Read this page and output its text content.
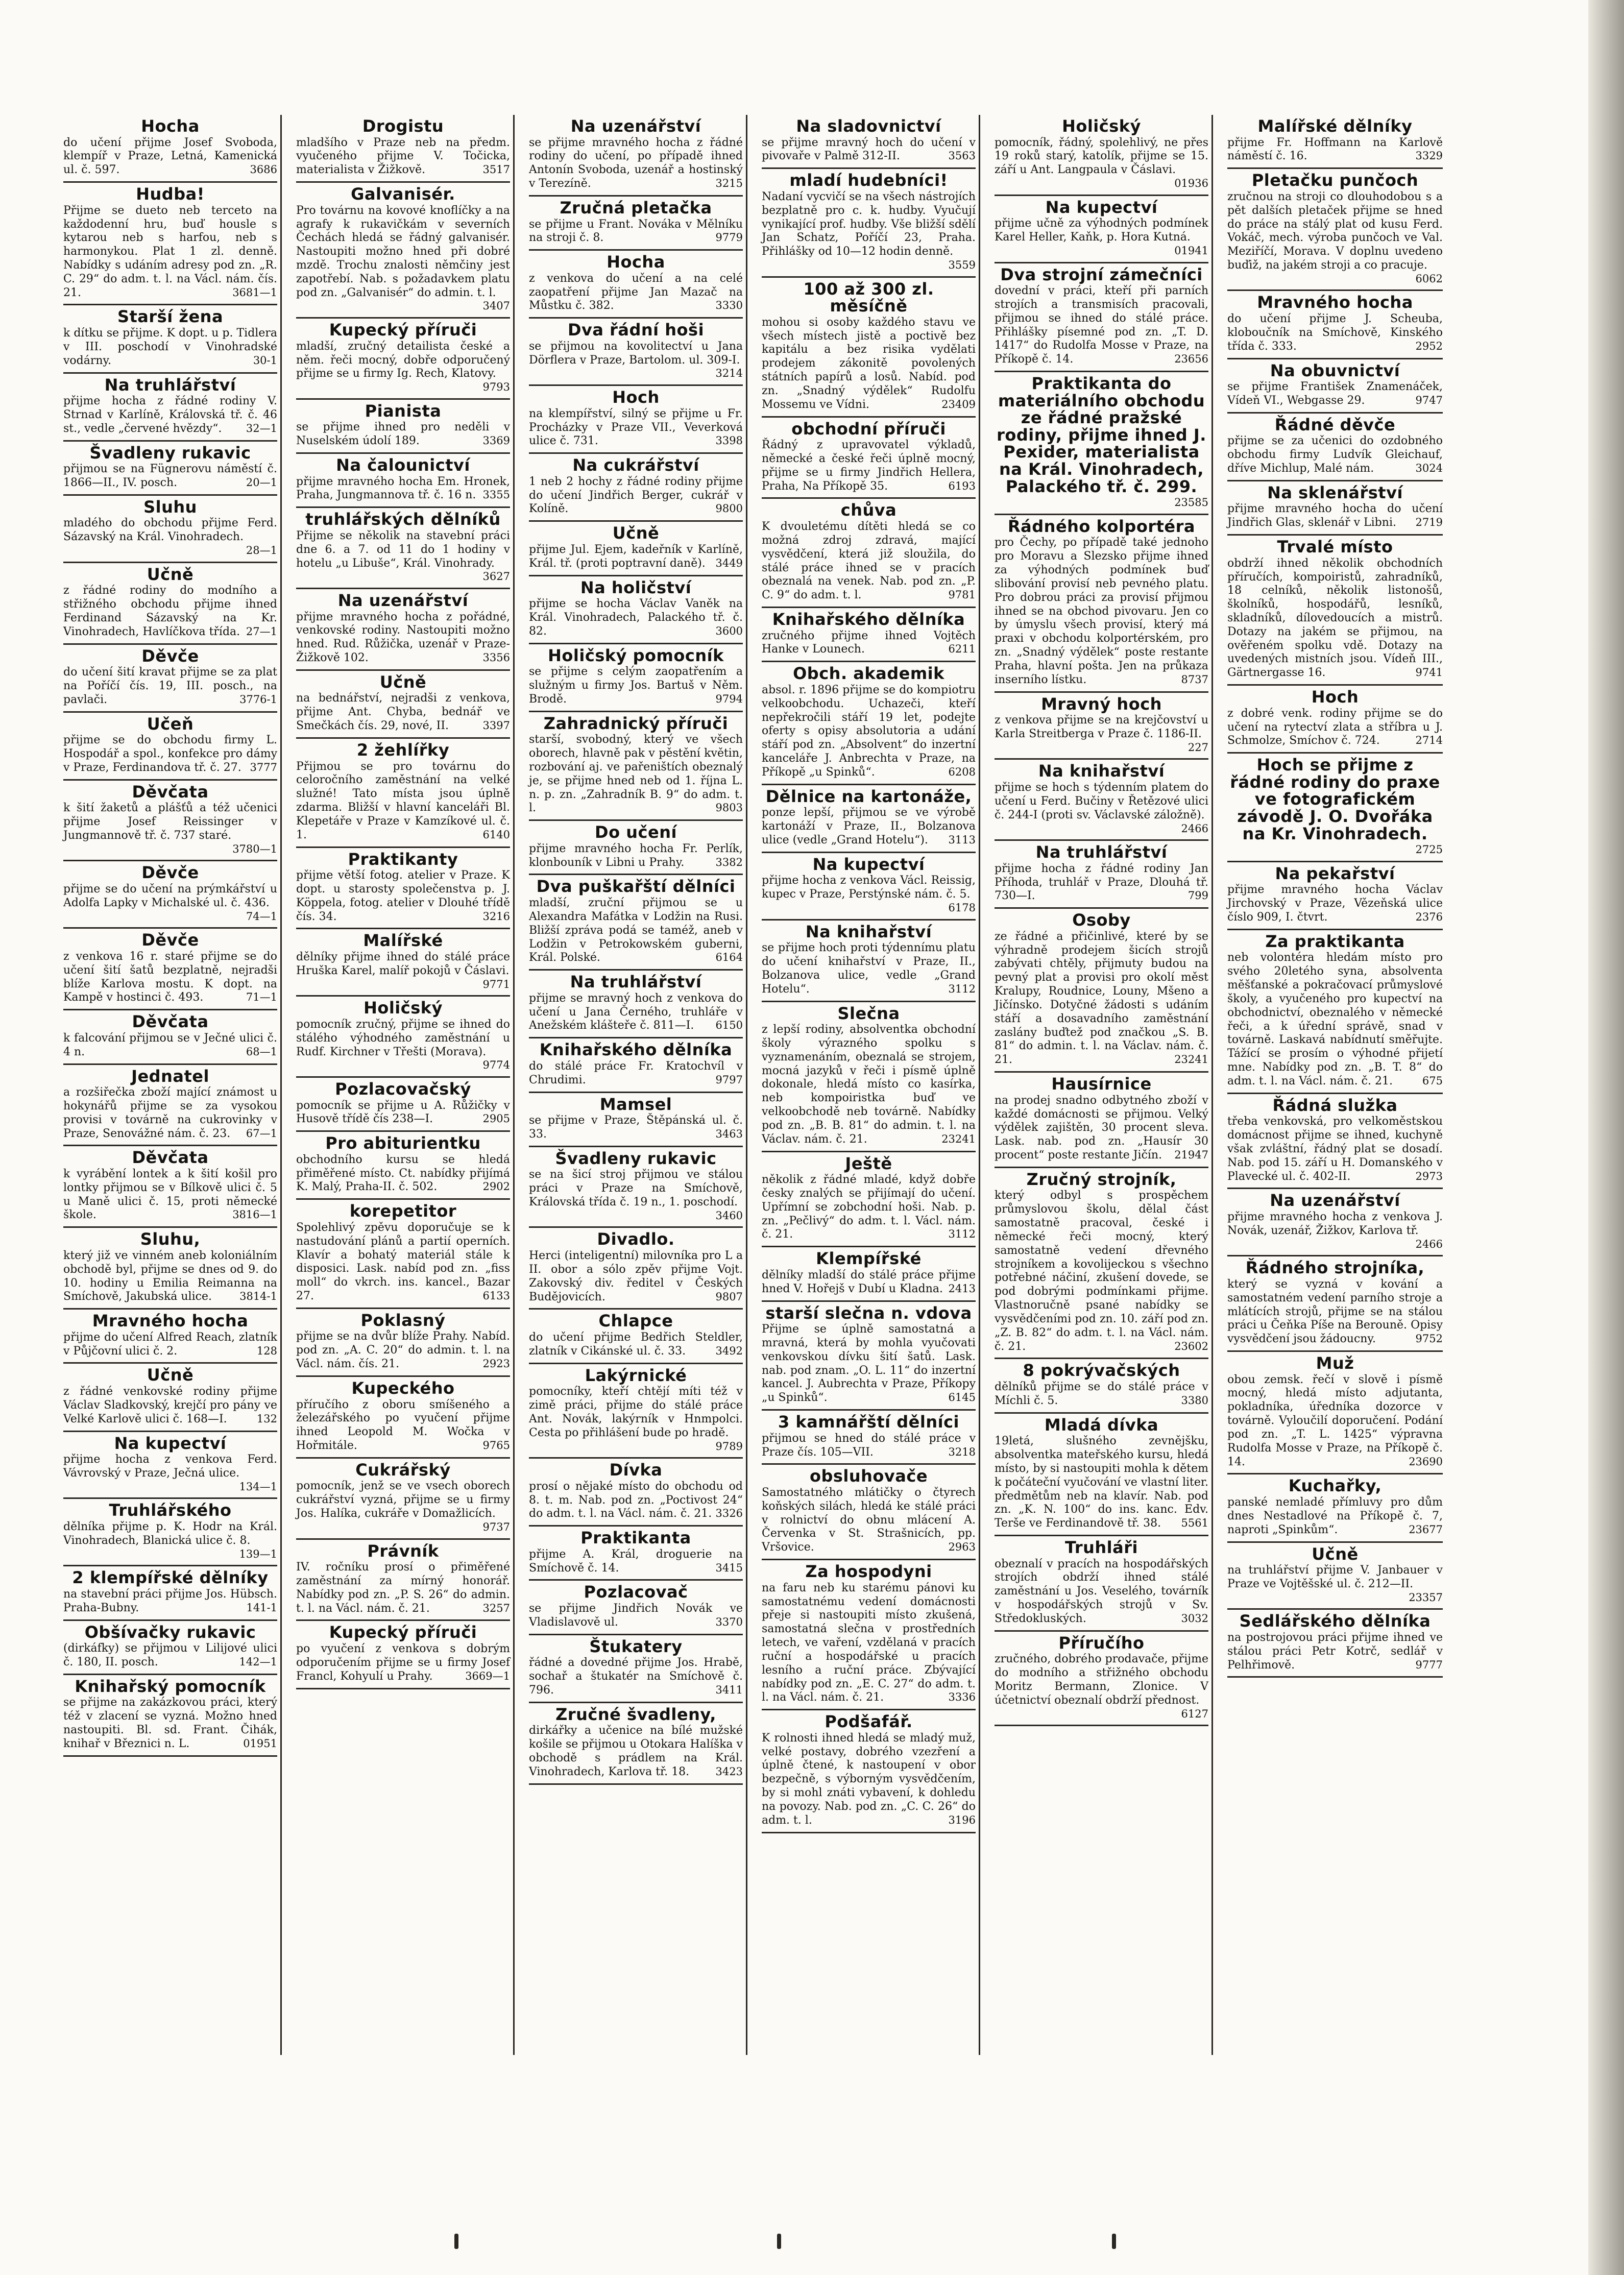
Hocha

do učení přijme Josef Svoboda, klempíř v Praze, Letná, Kamenická ul. č. 597.	3686

Hudba!

Přijme se dueto neb terceto na každodenní hru, buď housle s kytarou neb s harfou, neb s harmonykou. Plat 1 zl. denně. Nabídky s udáním adresy pod zn. „R. C. 29“ do adm. t. l. na Václ. nám. čís. 21.	3681—1

Starší žena

k dítku se přijme. K dopt. u p. Tidlera v III. poschodí v Vinohradské vodárny.	30-1

Na truhlářství

přijme hocha z řádné rodiny V. Strnad v Karlíně, Královská tř. č. 46 st., vedle „červené hvězdy“. 32—1

Švadleny rukavic

přijmou se na Fügnerovu náměstí č. 1866—II., IV. posch.	20—1

Sluhu

mladého do obchodu přijme Ferd. Sázavský na Král. Vinohradech.
28—1

Učně

z řádné rodiny do modního a střižného obchodu přijme ihned Ferdinand Sázavský na Kr. Vinohradech, Havlíčkova třída. 27—1

Děvče

do učení šití kravat přijme se za plat na Poříčí čís. 19, III. posch., na pavlači.	3776-1

Učeň

přijme se do obchodu firmy L. Hospodář a spol., konfekce pro dámy v Praze, Ferdinandova tř. č. 27. 3777

Děvčata

k šití žaketů a plášťů a též učenici přijme Josef Reissinger v Jungmannově tř. č. 737 staré.
3780—1

Děvče

přijme se do učení na prýmkářství u Adolfa Lapky v Michalské ul. č. 436.
74—1

Děvče

z venkova 16 r. staré přijme se do učení šití šatů bezplatně, nejradši blíže Karlova mostu. K dopt. na Kampě v hostinci č. 493.	71—1

Děvčata

k falcování přijmou se v Ječné ulici č. 4 n.	68—1

Jednatel

a rozšiřečka zboží mající známost u hokynářů přijme se za vysokou provisi v továrně na cukrovinky v Praze, Senovážné nám. č. 23. 67—1

Děvčata

k vyrábění lontek a k šití košil pro lontky přijmou se v Bílkově ulici č. 5 u Maně ulici č. 15, proti německé škole.	3816—1

Sluhu,

který již ve vinném aneb koloniálním obchodě byl, přijme se dnes od 9. do 10. hodiny u Emilia Reimanna na Smíchově, Jakubská ulice.	3814-1

Mravného hocha

přijme do učení Alfred Reach, zlatník v Půjčovní ulici č. 2.	128

Učně

z řádné venkovské rodiny přijme Václav Sladkovský, krejčí pro pány ve Velké Karlově ulici č. 168—I.	132

Na kupectví

přijme hocha z venkova Ferd. Vávrovský v Praze, Ječná ulice.
134—1

Truhlářského

dělníka přijme p. K. Hodr na Král. Vinohradech, Blanická ulice č. 8.
139—1

2 klempířské dělníky

na stavební práci přijme Jos. Hübsch. Praha-Bubny.	141-1

Obšívačky rukavic

(dirkáfky) se přijmou v Lilijové ulici č. 180, II. posch.	142—1

Knihařský pomocník

se přijme na zakázkovou práci, který též v zlacení se vyzná. Možno hned nastoupiti. Bl. sd. Frant. Čihák, knihař v Březnici n. L.	01951

Drogistu

mladšího v Praze neb na předm. vyučeného přijme V. Točicka, materialista v Žižkově.	3517

Galvanisér.

Pro továrnu na kovové knoflíčky a na agrafy k rukavičkám v severních Čechách hledá se řádný galvanisér. Nastoupiti možno hned při dobré mzdě. Trochu znalosti němčiny jest zapotřebí. Nab. s požadavkem platu pod zn. „Galvanisér“ do admin. t. l.
3407

Kupecký příruči

mladší, zručný detailista české a něm. řeči mocný, dobře odporučený přijme se u firmy Ig. Rech, Klatovy.
9793

Pianista

se přijme ihned pro neděli v Nuselském údolí 189.	3369

Na čalounictví

přijme mravného hocha Em. Hronek, Praha, Jungmannova tř. č. 16 n. 3355

truhlářských dělníků

Přijme se několik na stavební práci dne 6. a 7. od 11 do 1 hodiny v hotelu „u Libuše“, Král. Vinohrady.
3627

Na uzenářství

přijme mravného hocha z pořádné, venkovské rodiny. Nastoupiti možno hned. Rud. Růžička, uzenář v Praze-Žižkově 102.	3356

Učně

na bednářství, nejradši z venkova, přijme Ant. Chyba, bednář ve Smečkách čís. 29, nové, II.	3397

2 žehlířky

Přijmou se pro továrnu do celoročního zaměstnání na velké služné! Tato místa jsou úplně zdarma. Bližší v hlavní kanceláři Bl. Klepetáře v Praze v Kamzíkové ul. č. 1.	6140

Praktikanty

přijme větší fotog. atelier v Praze. K dopt. u starosty společenstva p. J. Köppela, fotog. atelier v Dlouhé třídě čís. 34.	3216

Malířské

dělníky přijme ihned do stálé práce Hruška Karel, malíř pokojů v Čáslavi.
9771

Holičský

pomocník zručný, přijme se ihned do stálého výhodného zaměstnání u Rudf. Kirchner v Třešti (Morava).
9774

Pozlacovačský

pomocník se přijme u A. Růžičky v Husově třídě čís 238—I.	2905

Pro abiturientku

obchodního kursu se hledá přiměřené místo. Ct. nabídky přijímá K. Malý, Praha-II. č. 502.	2902

korepetitor

Spolehlivý zpěvu doporučuje se k nastudování plánů a partií operních. Klavír a bohatý materiál stále k disposici. Lask. nabíd pod zn. „fiss moll“ do vkrch. ins. kancel., Bazar 27.	6133

Poklasný

přijme se na dvůr blíže Prahy. Nabíd. pod zn. „A. C. 20“ do admin. t. l. na Václ. nám. čís. 21.	2923

Kupeckého

příručího z oboru smíšeného a železářského po vyučení přijme ihned Leopold M. Wočka v Hořmitále.	9765

Cukrářský

pomocník, jenž se ve vsech oborech cukrářství vyzná, přijme se u firmy Jos. Halíka, cukráře v Domažlicích.
9737

Právník

IV. ročníku prosí o přiměřené zaměstnání za mírný honorář. Nabídky pod zn. „P. S. 26“ do admin. t. l. na Václ. nám. č. 21.	3257

Kupecký příruči

po vyučení z venkova s dobrým odporučením přijme se u firmy Josef Francl, Kohyulí u Prahy.	3669—1

Na uzenářství

se přijme mravného hocha z řádné rodiny do učení, po případě ihned Antonín Svoboda, uzenář a hostinský v Terezíně.	3215

Zručná pletačka

se přijme u Frant. Nováka v Mělníku na stroji č. 8.	9779

Hocha

z venkova do učení a na celé zaopatření přijme Jan Mazač na Můstku č. 382.	3330

Dva řádní hoši

se přijmou na kovolitectví u Jana Dörflera v Praze, Bartolom. ul. 309-I.
3214

Hoch

na klempířství, silný se přijme u Fr. Procházky v Praze VII., Veverková ulice č. 731.	3398

Na cukrářství

1 neb 2 hochy z řádné rodiny přijme do učení Jindřich Berger, cukrář v Kolíně.	9800

Učně

přijme Jul. Ejem, kadeřník v Karlíně, Král. tř. (proti poptravní daně). 3449

Na holičství

přijme se hocha Václav Vaněk na Král. Vinohradech, Palackého tř. č. 82.	3600

Holičský pomocník

se přijme s celým zaopatřením a služným u firmy Jos. Bartuš v Něm. Brodě.	9794

Zahradnický příruči

starší, svobodný, který ve všech oborech, hlavně pak v pěstění květin, rozbování aj. ve pařeništích obeznalý je, se přijme hned neb od 1. října L. n. p. zn. „Zahradník B. 9“ do adm. t. l.	9803

Do učení

přijme mravného hocha Fr. Perlík, klonbouník v Libni u Prahy.	3382

Dva puškařští dělníci

mladší, zruční přijmou se u Alexandra Mafátka v Lodžin na Rusi. Bližší zpráva podá se taméž, aneb v Lodžin v Petrokowském guberni, Král. Polské.	6164

Na truhlářství

přijme se mravný hoch z venkova do učení u Jana Černého, truhláře v Anežském klášteře č. 811—I. 6150

Knihařského dělníka

do stálé práce Fr. Kratochvíl v Chrudimi.	9797

Mamsel

se přijme v Praze, Štěpánská ul. č. 33.	3463

Švadleny rukavic

se na šicí stroj přijmou ve stálou práci v Praze na Smíchově, Královská třída č. 19 n., 1. poschodí.
3460

Divadlo.

Herci (inteligentní) milovníka pro L a II. obor a sólo zpěv přijme Vojt. Zakovský div. ředitel v Českých Budějovicích.	9807

Chlapce

do učení přijme Bedřich Steldler, zlatník v Cikánské ul. č. 33.	3492

Lakýrnické

pomocníky, kteří chtějí míti též v zimě práci, přijme do stálé práce Ant. Novák, lakýrník v Hnmpolci. Cesta po přihlášení bude po hradě.
9789

Dívka

prosí o nějaké místo do obchodu od 8. t. m. Nab. pod zn. „Poctivost 24“ do adm. t. l. na Václ. nám. č. 21. 3326

Praktikanta

přijme A. Král, droguerie na Smíchově č. 14.	3415

Pozlacovač

se přijme Jindřich Novák ve Vladislavově ul.	3370

Štukatery

řádné a dovedné přijme Jos. Hrabě, sochař a štukatér na Smíchově č. 796.	3411

Zručné švadleny,

dirkářky a učenice na bílé mužské košile se přijmou u Otokara Halíška v obchodě s prádlem na Král. Vinohradech, Karlova tř. 18. 3423

Na sladovnictví

se přijme mravný hoch do učení v pivovaře v Palmě 312-II.	3563

mladí hudebníci!

Nadaní vycvičí se na všech nástrojích bezplatně pro c. k. hudby. Vyučují vynikající prof. hudby. Vše bližší sdělí Jan Schatz, Poříčí 23, Praha. Přihlášky od 10—12 hodin denně.
3559

100 až 300 zl. měsíčně

mohou si osoby každého stavu ve všech místech jistě a poctivě bez kapitálu a bez risika vydělati prodejem zákonitě povolených státních papírů a losů. Nabíd. pod zn. „Snadný výdělek“ Rudolfu Mossemu ve Vídni.	23409

obchodní příruči

Řádný z upravovatel výkladů, německé a české řeči úplně mocný, přijme se u firmy Jindřich Hellera, Praha, Na Příkopě 35.	6193

chůva

K dvouletému dítěti hledá se co možná zdroj zdravá, mající vysvědčení, která již sloužila, do stálé práce ihned se v pracích obeznalá na venek. Nab. pod zn. „P. C. 9“ do adm. t. l.	9781

Knihařského dělníka

zručného přijme ihned Vojtěch Hanke v Lounech.	6211

Obch. akademik

absol. r. 1896 přijme se do kompiotru velkoobchodu. Uchazeči, kteří nepřekročili stáří 19 let, podejte oferty s opisy absolutoria a udání stáří pod zn. „Absolvent“ do inzertní kanceláře J. Anbrechta v Praze, na Příkopě „u Spinků“.	6208

Dělnice na kartonáže,

ponze lepší, přijmou se ve výrobě kartonáží v Praze, II., Bolzanova ulice (vedle „Grand Hotelu“). 3113

Na kupectví

přijme hocha z venkova Václ. Reissig, kupec v Praze, Perstýnské nám. č. 5.
6178

Na knihařství

se přijme hoch proti týdennímu platu do učení knihařství v Praze, II., Bolzanova ulice, vedle „Grand Hotelu“.	3112

Slečna

z lepší rodiny, absolventka obchodní školy výrazného spolku s vyznamenáním, obeznalá se strojem, mocná jazyků v řeči i písmě úplně dokonale, hledá místo co kasírka, neb kompoiristka buď ve velkoobchodě neb továrně. Nabídky pod zn. „B. B. 81“ do admin. t. l. na Václav. nám. č. 21.	23241

Ještě

několik z řádné mladé, když dobře česky znalých se přijímají do učení. Upřímní se zobchodní hoši. Nab. p. zn. „Pečlivý“ do adm. t. l. Václ. nám. č. 21.	3112

Klempířské

dělníky mladší do stálé práce přijme hned V. Hořejš v Dubí u Kladna. 2413

starší slečna n. vdova

Přijme se úplně samostatná a mravná, která by mohla vyučovati venkovskou dívku šití šatů. Lask. nab. pod znam. „O. L. 11“ do inzertní kancel. J. Aubrechta v Praze, Příkopy „u Spinků“.	6145

3 kamnářští dělníci

přijmou se hned do stálé práce v Praze čís. 105—VII.	3218

obsluhovače

Samostatného mlátičky o čtyrech koňských silách, hledá ke stálé práci v rolnictví do obnu mlácení A. Červenka v St. Strašnicích, pp. Vršovice.	2963

Za hospodyni

na faru neb ku starému pánovi ku samostatnému vedení domácnosti přeje si nastoupiti místo zkušená, samostatná slečna v prostředních letech, ve vaření, vzdělaná v pracích ruční a hospodářské u pracích lesního a ruční práce. Zbývající nabídky pod zn. „E. C. 27“ do adm. t. l. na Václ. nám. č. 21.	3336

Podšafář.

K rolnosti ihned hledá se mladý muž, velké postavy, dobrého vzezření a úplně čtené, k nastoupení v obor bezpečně, s výborným vysvědčením, by si mohl znáti vybavení, k dohledu na povozy. Nab. pod zn. „C. C. 26“ do adm. t. l.	3196

Holičský

pomocník, řádný, spolehlivý, ne přes 19 roků starý, katolík, přijme se 15. září u Ant. Langpaula v Čáslavi.
01936

Na kupectví

přijme učně za výhodných podmínek Karel Heller, Kaňk, p. Hora Kutná.
01941

Dva strojní zámečníci

dovední v práci, kteří při parních strojích a transmisích pracovali, přijmou se ihned do stálé práce. Přihlášky písemné pod zn. „T. D. 1417“ do Rudolfa Mosse v Praze, na Příkopě č. 14.	23656

Praktikanta do materiálního obchodu ze řádné pražské rodiny, přijme ihned J. Pexider, materialista na Král. Vinohradech, Palackého tř. č. 299.

23585

Řádného kolportéra

pro Čechy, po případě také jednoho pro Moravu a Slezsko přijme ihned za výhodných podmínek buď slibování provisí neb pevného platu. Pro dobrou práci za provisí přijmou ihned se na obchod pivovaru. Jen co by úmyslu všech provisí, který má praxi v obchodu kolportérském, pro zn. „Snadný výdělek“ poste restante Praha, hlavní pošta. Jen na průkaza inserního lístku.	8737

Mravný hoch

z venkova přijme se na krejčovství u Karla Streitberga v Praze č. 1186-II.
227

Na knihařství

přijme se hoch s týdenním platem do učení u Ferd. Bučiny v Řetězové ulici č. 244-I (proti sv. Václavské záložně).
2466

Na truhlářství

přijme hocha z řádné rodiny Jan Příhoda, truhlář v Praze, Dlouhá tř. 730—I.	799

Osoby

ze řádné a přičinlivé, které by se výhradně prodejem šicích strojů zabývati chtěly, přijmuty budou na pevný plat a provisi pro okolí měst Kralupy, Roudnice, Louny, Mšeno a Jičínsko. Dotyčné žádosti s udáním stáří a dosavadního zaměstnání zaslány buďtež pod značkou „S. B. 81“ do admin. t. l. na Václav. nám. č. 21.	23241

Hausírnice

na prodej snadno odbytného zboží v každé domácnosti se přijmou. Velký výdělek zajištěn, 30 procent sleva. Lask. nab. pod zn. „Hausír 30 procent“ poste restante Jičín. 21947

Zručný strojník,

který odbyl s prospěchem průmyslovou školu, dělal část samostatně pracoval, české i německé řeči mocný, který samostatně vedení dřevného strojníkem a kovolijeckou s všechno potřebné náčiní, zkušení dovede, se pod dobrými podmínkami přijme. Vlastnoručně psané nabídky se vysvědčeními pod zn. 10. září pod zn. „Z. B. 82“ do adm. t. l. na Václ. nám. č. 21.	23602

8 pokrývačských

dělníků přijme se do stálé práce v Míchli č. 5.	3380

Mladá dívka

19letá, slušného zevnějšku, absolventka mateřského kursu, hledá místo, by si nastoupiti mohla k dětem k počáteční vyučování ve vlastní liter. předmětům neb na klavír. Nab. pod zn. „K. N. 100“ do ins. kanc. Edv. Terše ve Ferdinandově tř. 38. 5561

Truhláři

obeznalí v pracích na hospodářských strojích obdrží ihned stálé zaměstnání u Jos. Veselého, továrník v hospodářských strojů v Sv. Středokluských.	3032

Příručího

zručného, dobrého prodavače, přijme do modního a střižného obchodu Moritz Bermann, Zlonice. V účetnictví obeznalí obdrží přednost.
6127

Malířské dělníky

přijme Fr. Hoffmann na Karlově náměstí č. 16.	3329

Pletačku punčoch

zručnou na stroji co dlouhodobou s a pět dalších pletaček přijme se hned do práce na stálý plat od kusu Ferd. Vokáč, mech. výroba punčoch ve Val. Meziříčí, Morava. V doplnu uvedeno buďiž, na jakém stroji a co pracuje.
6062

Mravného hocha

do učení přijme J. Scheuba, kloboučník na Smíchově, Kinského třída č. 333.	2952

Na obuvnictví

se přijme František Znamenáček, Vídeň VI., Webgasse 29.	9747

Řádné děvče

přijme se za učenici do ozdobného obchodu firmy Ludvík Gleichauf, dříve Michlup, Malé nám.	3024

Na sklenářství

přijme mravného hocha do učení Jindřich Glas, sklenář v Libni. 2719

Trvalé místo

obdrží ihned několik obchodních příručích, kompoiristů, zahradníků, 18 celníků, několik listonošů, školníků, hospodářů, lesníků, skladníků, dílovedoucích a mistrů. Dotazy na jakém se přijmou, na ověřeném spolku vdě. Dotazy na uvedených mistních jsou. Vídeň III., Gärtnergasse 16.	9741

Hoch

z dobré venk. rodiny přijme se do učení na rytectví zlata a stříbra u J. Schmolze, Smíchov č. 724.	2714

Hoch se přijme z řádné rodiny do praxe ve fotografickém závodě J. O. Dvořáka na Kr. Vinohradech.

2725

Na pekařství

přijme mravného hocha Václav Jirchovský v Praze, Vězeňská ulice číslo 909, I. čtvrt.	2376

Za praktikanta

neb volontéra hledám místo pro svého 20letého syna, absolventa měšťanské a pokračovací průmyslové školy, a vyučeného pro kupectví na obchodnictví, obeznalého v německé řeči, a k úřední správě, snad v továrně. Laskavá nabídnutí směřujte. Tážící se prosím o výhodné přijetí mne. Nabídky pod zn. „B. T. 8“ do adm. t. l. na Václ. nám. č. 21.	675

Řádná služka

třeba venkovská, pro velkoměstskou domácnost přijme se ihned, kuchyně však zvláštní, řádný plat se dosadí. Nab. pod 15. září u H. Domanského v Plavecké ul. č. 402-II.	2973

Na uzenářství

přijme mravného hocha z venkova J. Novák, uzenář, Žižkov, Karlova tř.
2466

Řádného strojníka,

který se vyzná v kování a samostatném vedení parního stroje a mlátících strojů, přijme se na stálou práci u Čeňka Píše na Berouně. Opisy vysvědčení jsou žádoucny.	9752

Muž

obou zemsk. řečí v slově i písmě mocný, hledá místo adjutanta, pokladníka, úředníka dozorce v továrně. Vyloučilí doporučení. Podání pod zn. „T. L. 1425“ výpravna Rudolfa Mosse v Praze, na Příkopě č. 14.	23690

Kuchařky,

panské nemladé přímluvy pro dům dnes Nestadlové na Příkopě č. 7, naproti „Spinkům“.	23677

Učně

na truhlářství přijme V. Janbauer v Praze ve Vojtěšské ul. č. 212—II.
23357

Sedlářského dělníka

na postrojovou práci přijme ihned ve stálou práci Petr Kotrč, sedlář v Pelhřimově.	9777
